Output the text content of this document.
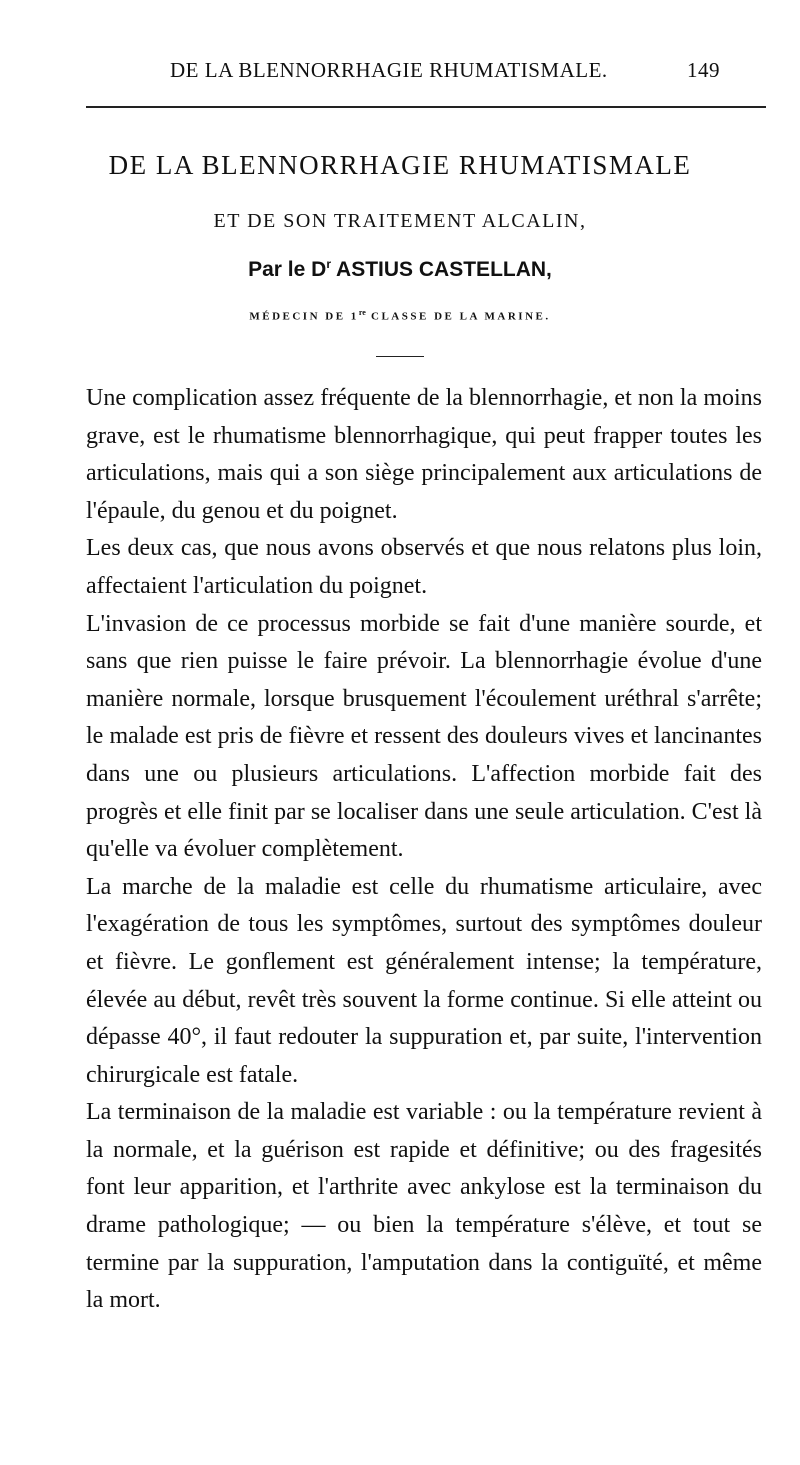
DE LA BLENNORRHAGIE RHUMATISMALE.	149
DE LA BLENNORRHAGIE RHUMATISMALE
ET DE SON TRAITEMENT ALCALIN,
Par le $D^r$ ASTIUS CASTELLAN,
MÉDECIN DE 1re CLASSE DE LA MARINE.

Une complication assez fréquente de la blennorrhagie, et non la moins grave, est le rhumatisme blennorrhagique, qui peut frapper toutes les articulations, mais qui a son siège principalement aux articulations de l'épaule, du genou et du poignet.

Les deux cas, que nous avons observés et que nous relatons plus loin, affectaient l'articulation du poignet.

L'invasion de ce processus morbide se fait d'une manière sourde, et sans que rien puisse le faire prévoir. La blennorrhagie évolue d'une manière normale, lorsque brusquement l'écoulement uréthral s'arrête; le malade est pris de fièvre et ressent des douleurs vives et lancinantes dans une ou plusieurs articulations. L'affection morbide fait des progrès et elle finit par se localiser dans une seule articulation. C'est là qu'elle va évoluer complètement.

La marche de la maladie est celle du rhumatisme articulaire, avec l'exagération de tous les symptômes, surtout des symptômes douleur et fièvre. Le gonflement est généralement intense; la température, élevée au début, revêt très souvent la forme continue. Si elle atteint ou dépasse 40°, il faut redouter la suppuration et, par suite, l'intervention chirurgicale est fatale.

La terminaison de la maladie est variable : ou la température revient à la normale, et la guérison est rapide et définitive; ou des fragesités font leur apparition, et l'arthrite avec ankylose est la terminaison du drame pathologique; — ou bien la température s'élève, et tout se termine par la suppuration, l'amputation dans la contiguïté, et même la mort.
